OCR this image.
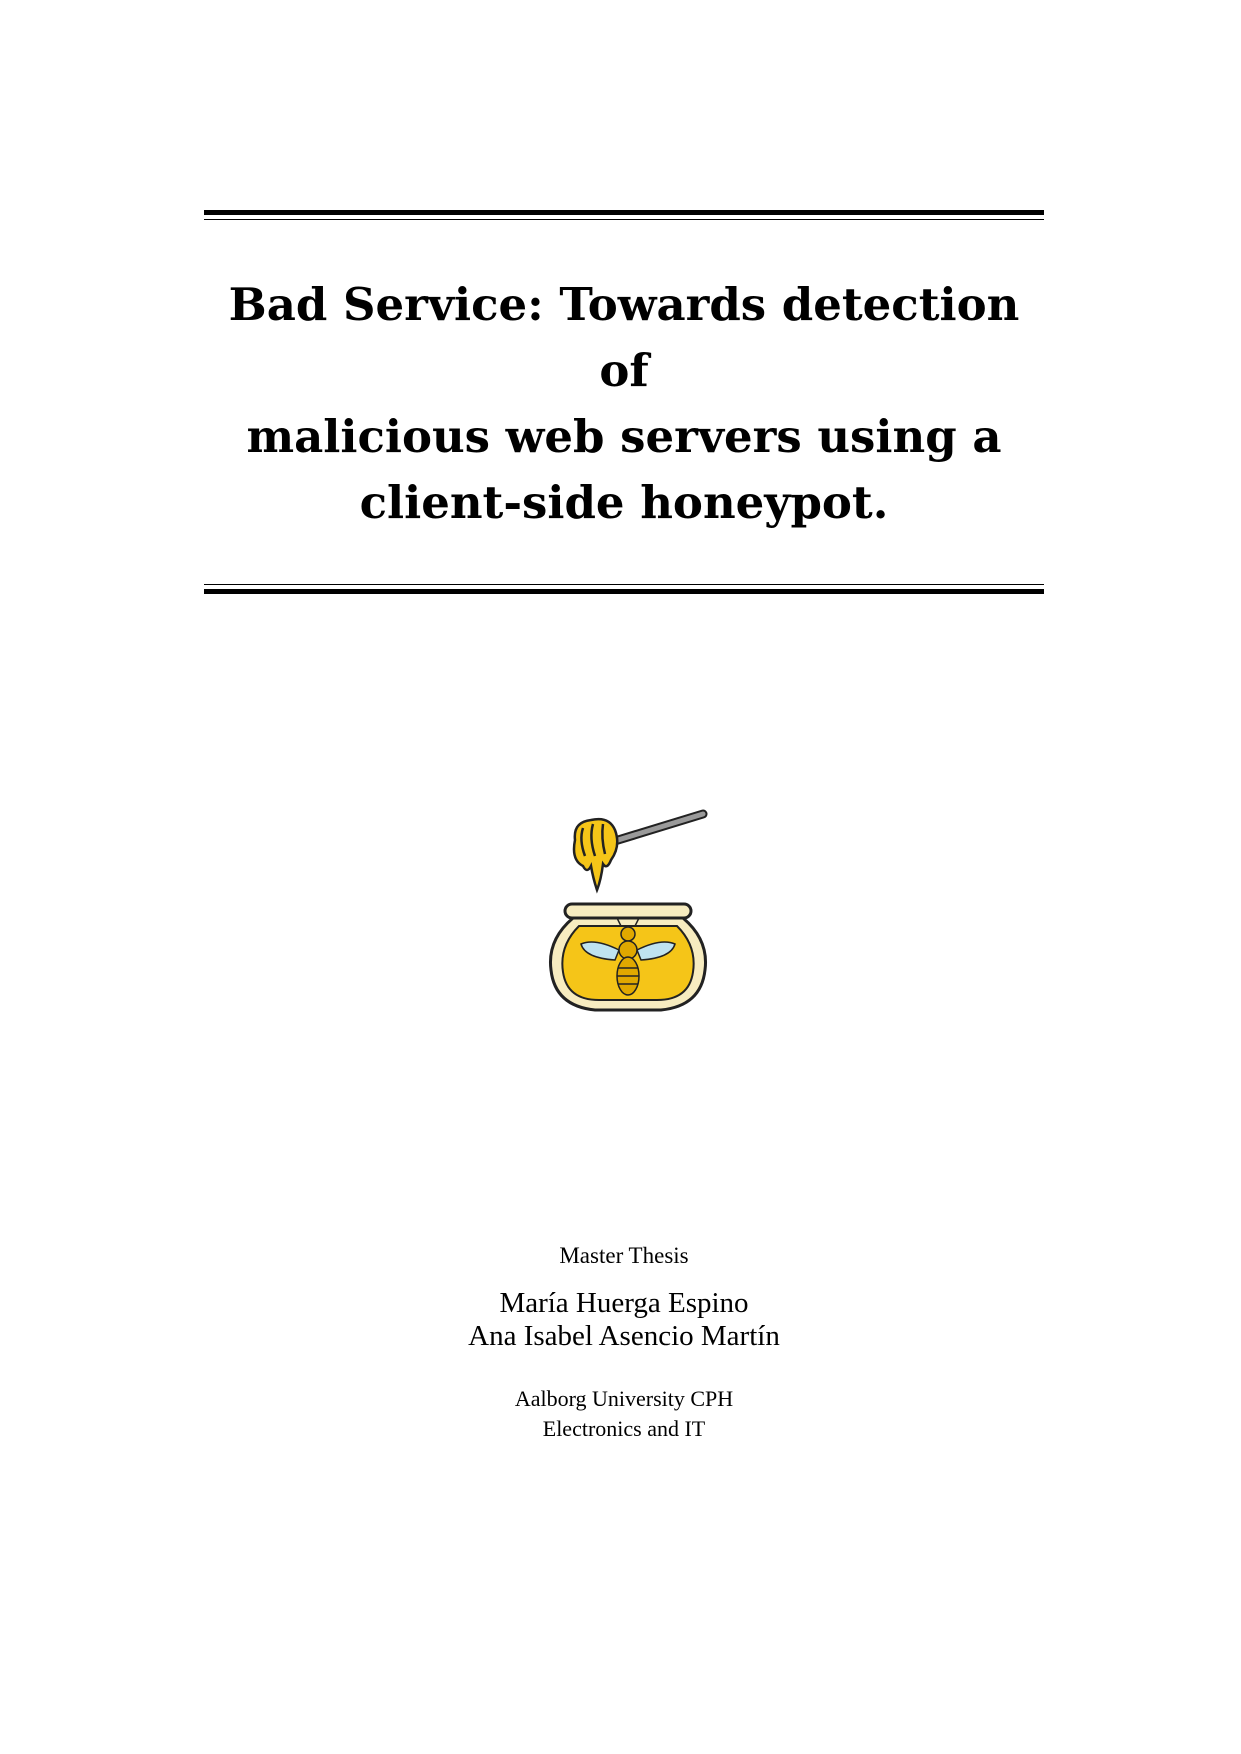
Bad Service: Towards detection of
malicious web servers using a
client-side honeypot.
Master Thesis
María Huerga Espino
Ana Isabel Asencio Martín
Aalborg University CPH
Electronics and IT
